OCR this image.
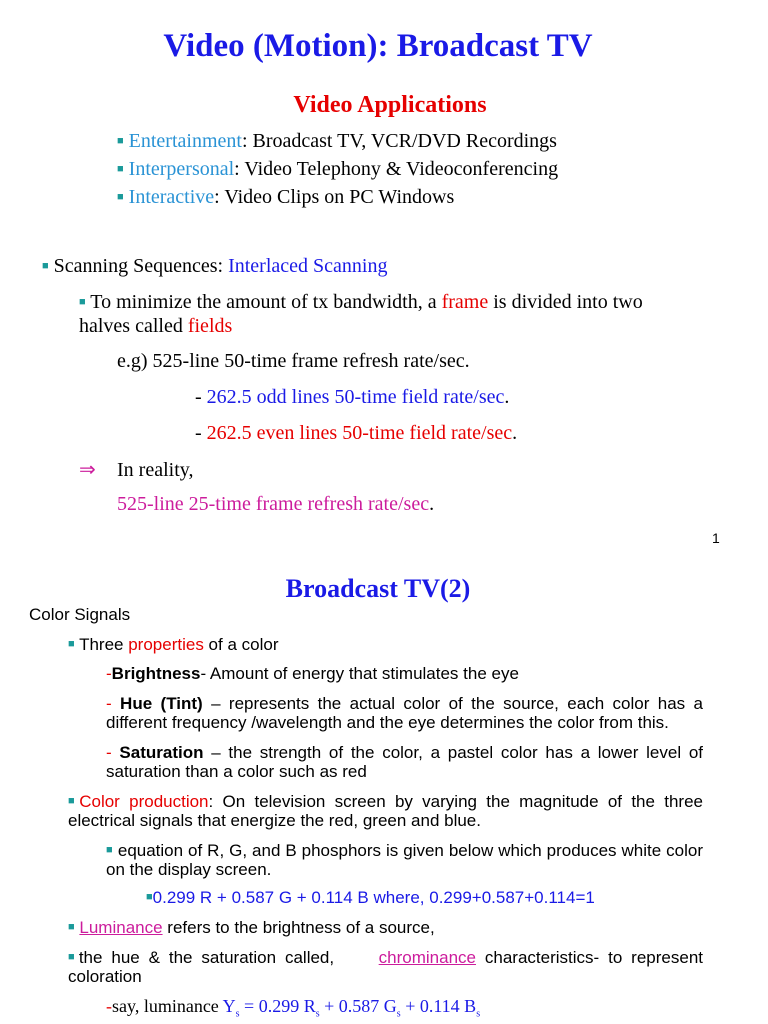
Video (Motion): Broadcast TV
Video Applications
■ Entertainment: Broadcast TV, VCR/DVD Recordings
■ Interpersonal: Video Telephony & Videoconferencing
■ Interactive: Video Clips on PC Windows
■ Scanning Sequences: Interlaced Scanning
■ To minimize the amount of tx bandwidth, a frame is divided into two
halves called fields
e.g) 525-line 50-time frame refresh rate/sec.
- 262.5 odd lines 50-time field rate/sec.
- 262.5 even lines 50-time field rate/sec.
⇒ In reality,
525-line 25-time frame refresh rate/sec.
1
Broadcast TV(2)
Color Signals
■ Three properties of a color
-Brightness- Amount of energy that stimulates the eye
- Hue (Tint) – represents the actual color of the source, each color has a different frequency /wavelength and the eye determines the color from this.
- Saturation – the strength of the color, a pastel color has a lower level of saturation than a color such as red
■Color production: On television screen by varying the magnitude of the three electrical signals that energize the red, green and blue.
■ equation of R, G, and B phosphors is given below which produces white color on the display screen.
■0.299 R + 0.587 G + 0.114 B where, 0.299+0.587+0.114=1
■ Luminance refers to the brightness of a source,
■the hue & the saturation called,     chrominance characteristics- to represent coloration
-say, luminance $Y_s = 0.299$ $R_s + 0.587$ $G_s + 0.114$ $B_s$
